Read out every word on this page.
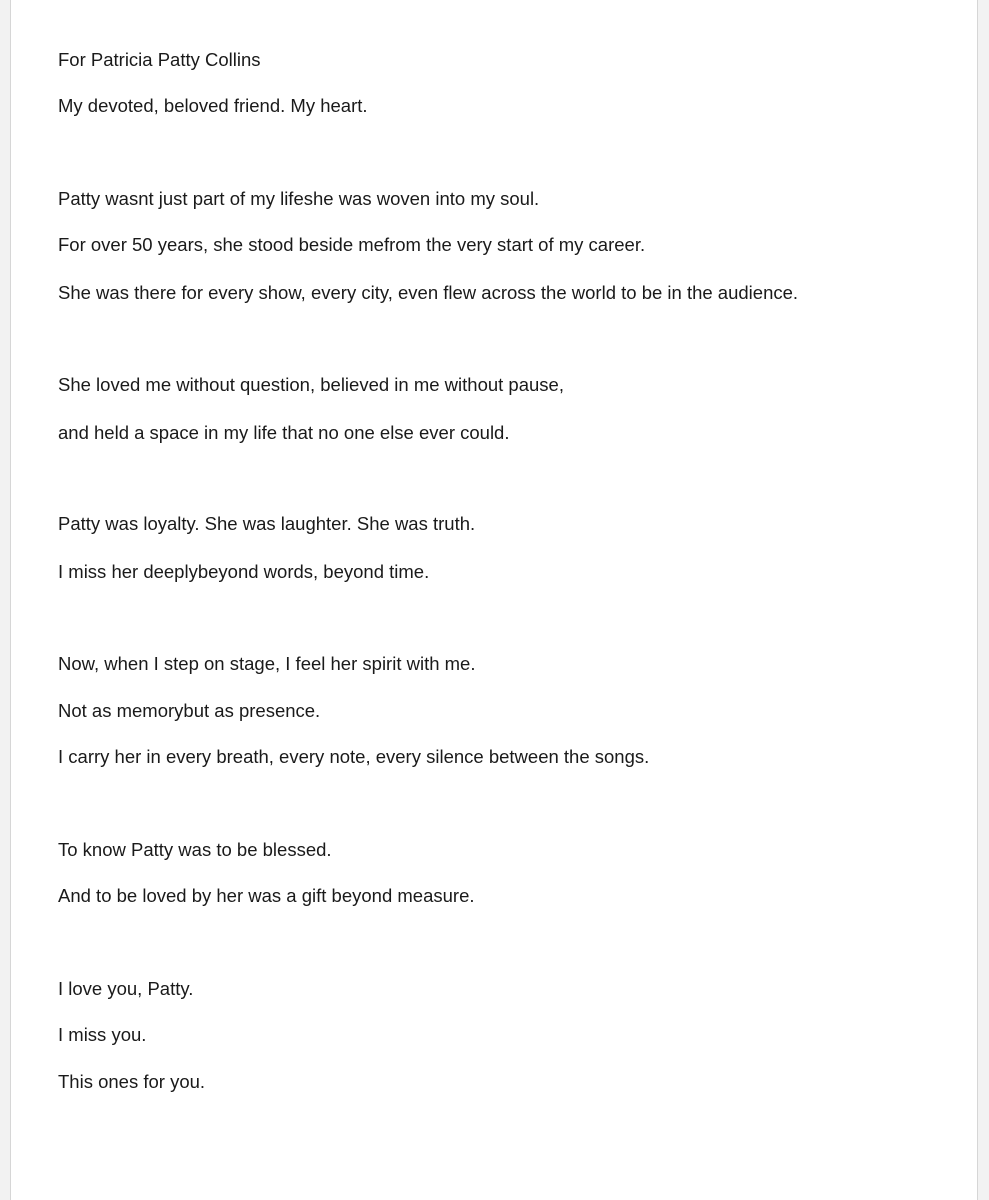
For Patricia Patty Collins

My devoted, beloved friend. My heart.

Patty wasnt just part of my lifeshe was woven into my soul.

For over 50 years, she stood beside mefrom the very start of my career.

She was there for every show, every city, even flew across the world to be in the audience.

She loved me without question, believed in me without pause,

and held a space in my life that no one else ever could.

Patty was loyalty. She was laughter. She was truth.

I miss her deeplybeyond words, beyond time.

Now, when I step on stage, I feel her spirit with me.

Not as memorybut as presence.

I carry her in every breath, every note, every silence between the songs.

To know Patty was to be blessed.

And to be loved by her was a gift beyond measure.

I love you, Patty.

I miss you.

This ones for you.
